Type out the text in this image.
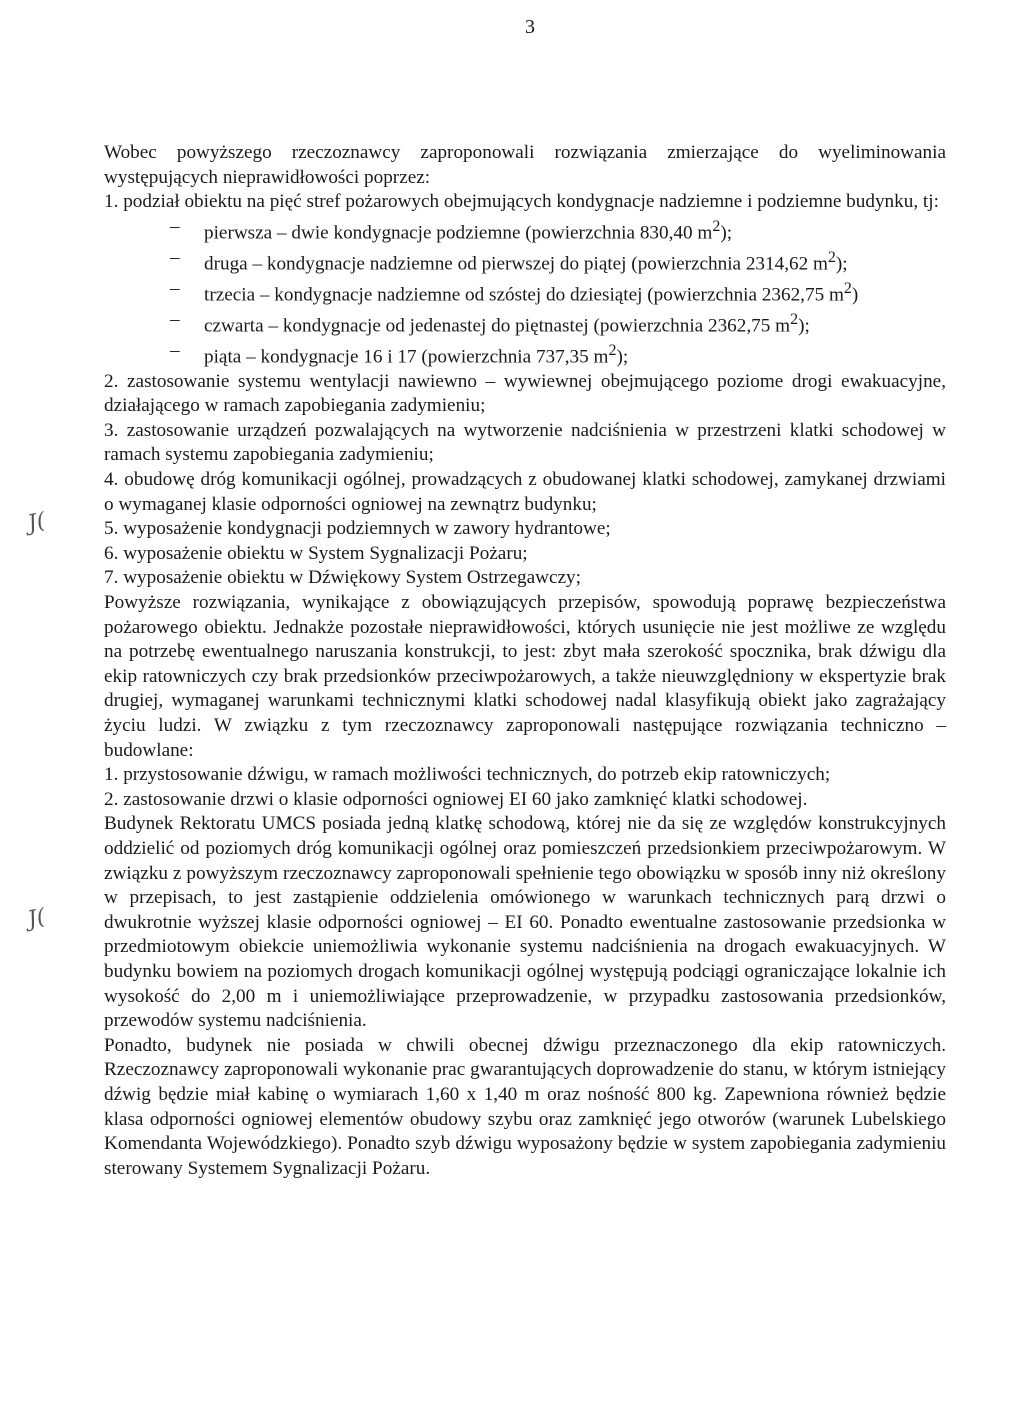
3
J(
J(

Wobec powyższego rzeczoznawcy zaproponowali rozwiązania zmierzające do wyeliminowania występujących nieprawidłowości poprzez:

1. podział obiektu na pięć stref pożarowych obejmujących kondygnacje nadziemne i podziemne budynku, tj:

– pierwsza – dwie kondygnacje podziemne (powierzchnia 830,40 $m^2$);
– druga – kondygnacje nadziemne od pierwszej do piątej (powierzchnia 2314,62 $m^2$);
– trzecia – kondygnacje nadziemne od szóstej do dziesiątej (powierzchnia 2362,75 $m^2$)
– czwarta – kondygnacje od jedenastej do piętnastej (powierzchnia 2362,75 $m^2$);
– piąta – kondygnacje 16 i 17 (powierzchnia 737,35 $m^2$);

2. zastosowanie systemu wentylacji nawiewno – wywiewnej obejmującego poziome drogi ewakuacyjne, działającego w ramach zapobiegania zadymieniu;

3. zastosowanie urządzeń pozwalających na wytworzenie nadciśnienia w przestrzeni klatki schodowej w ramach systemu zapobiegania zadymieniu;

4. obudowę dróg komunikacji ogólnej, prowadzących z obudowanej klatki schodowej, zamykanej drzwiami o wymaganej klasie odporności ogniowej na zewnątrz budynku;

5. wyposażenie kondygnacji podziemnych w zawory hydrantowe;

6. wyposażenie obiektu w System Sygnalizacji Pożaru;

7. wyposażenie obiektu w Dźwiękowy System Ostrzegawczy;

Powyższe rozwiązania, wynikające z obowiązujących przepisów, spowodują poprawę bezpieczeństwa pożarowego obiektu. Jednakże pozostałe nieprawidłowości, których usunięcie nie jest możliwe ze względu na potrzebę ewentualnego naruszania konstrukcji, to jest: zbyt mała szerokość spocznika, brak dźwigu dla ekip ratowniczych czy brak przedsionków przeciwpożarowych, a także nieuwzględniony w ekspertyzie brak drugiej, wymaganej warunkami technicznymi klatki schodowej nadal klasyfikują obiekt jako zagrażający życiu ludzi. W związku z tym rzeczoznawcy zaproponowali następujące rozwiązania techniczno – budowlane:

1. przystosowanie dźwigu, w ramach możliwości technicznych, do potrzeb ekip ratowniczych;

2. zastosowanie drzwi o klasie odporności ogniowej EI 60 jako zamknięć klatki schodowej.

Budynek Rektoratu UMCS posiada jedną klatkę schodową, której nie da się ze względów konstrukcyjnych oddzielić od poziomych dróg komunikacji ogólnej oraz pomieszczeń przedsionkiem przeciwpożarowym. W związku z powyższym rzeczoznawcy zaproponowali spełnienie tego obowiązku w sposób inny niż określony w przepisach, to jest zastąpienie oddzielenia omówionego w warunkach technicznych parą drzwi o dwukrotnie wyższej klasie odporności ogniowej – EI 60. Ponadto ewentualne zastosowanie przedsionka w przedmiotowym obiekcie uniemożliwia wykonanie systemu nadciśnienia na drogach ewakuacyjnych. W budynku bowiem na poziomych drogach komunikacji ogólnej występują podciągi ograniczające lokalnie ich wysokość do 2,00 m i uniemożliwiające przeprowadzenie, w przypadku zastosowania przedsionków, przewodów systemu nadciśnienia.

Ponadto, budynek nie posiada w chwili obecnej dźwigu przeznaczonego dla ekip ratowniczych. Rzeczoznawcy zaproponowali wykonanie prac gwarantujących doprowadzenie do stanu, w którym istniejący dźwig będzie miał kabinę o wymiarach 1,60 x 1,40 m oraz nośność 800 kg. Zapewniona również będzie klasa odporności ogniowej elementów obudowy szybu oraz zamknięć jego otworów (warunek Lubelskiego Komendanta Wojewódzkiego). Ponadto szyb dźwigu wyposażony będzie w system zapobiegania zadymieniu sterowany Systemem Sygnalizacji Pożaru.
